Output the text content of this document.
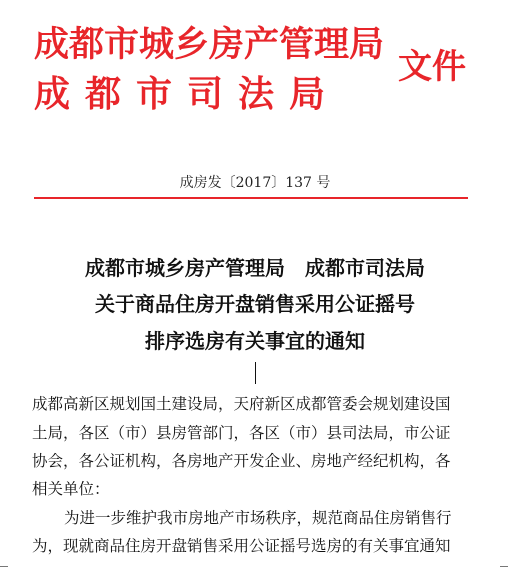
成都市城乡房产管理局
成都市司法局
文件
成房发〔2017〕137 号
成都市城乡房产管理局　成都市司法局
关于商品住房开盘销售采用公证摇号
排序选房有关事宜的通知
成都高新区规划国土建设局，天府新区成都管委会规划建设国
土局，各区（市）县房管部门，各区（市）县司法局，市公证
协会，各公证机构，各房地产开发企业、房地产经纪机构，各
相关单位：
为进一步维护我市房地产市场秩序，规范商品住房销售行
为，现就商品住房开盘销售采用公证摇号选房的有关事宜通知
